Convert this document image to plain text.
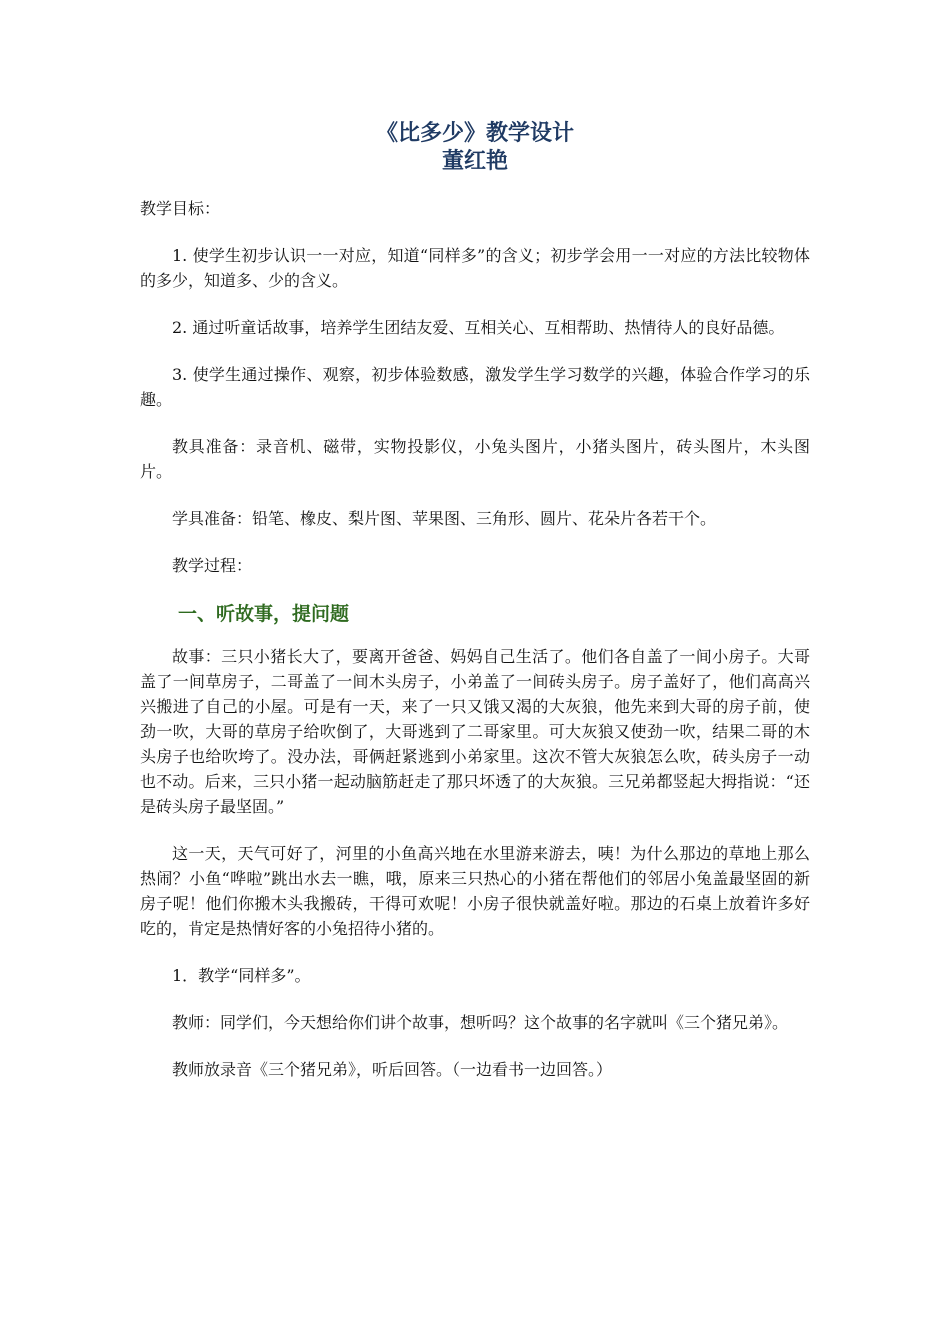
《比多少》教学设计
董红艳

教学目标：

1. 使学生初步认识一一对应，知道“同样多”的含义；初步学会用一一对应的方法比较物体的多少，知道多、少的含义。

2. 通过听童话故事，培养学生团结友爱、互相关心、互相帮助、热情待人的良好品德。

3. 使学生通过操作、观察，初步体验数感，激发学生学习数学的兴趣，体验合作学习的乐趣。

教具准备：录音机、磁带，实物投影仪，小兔头图片，小猪头图片，砖头图片，木头图片。

学具准备：铅笔、橡皮、梨片图、苹果图、三角形、圆片、花朵片各若干个。

教学过程：

一、听故事，提问题

故事：三只小猪长大了，要离开爸爸、妈妈自己生活了。他们各自盖了一间小房子。大哥盖了一间草房子，二哥盖了一间木头房子，小弟盖了一间砖头房子。房子盖好了，他们高高兴兴搬进了自己的小屋。可是有一天，来了一只又饿又渴的大灰狼，他先来到大哥的房子前，使劲一吹，大哥的草房子给吹倒了，大哥逃到了二哥家里。可大灰狼又使劲一吹，结果二哥的木头房子也给吹垮了。没办法，哥俩赶紧逃到小弟家里。这次不管大灰狼怎么吹，砖头房子一动也不动。后来，三只小猪一起动脑筋赶走了那只坏透了的大灰狼。三兄弟都竖起大拇指说：“还是砖头房子最坚固。”

这一天，天气可好了，河里的小鱼高兴地在水里游来游去，咦！为什么那边的草地上那么热闹？小鱼“哗啦”跳出水去一瞧，哦，原来三只热心的小猪在帮他们的邻居小兔盖最坚固的新房子呢！他们你搬木头我搬砖，干得可欢呢！小房子很快就盖好啦。那边的石桌上放着许多好吃的，肯定是热情好客的小兔招待小猪的。

1．教学“同样多”。

教师：同学们，今天想给你们讲个故事，想听吗？这个故事的名字就叫《三个猪兄弟》。

教师放录音《三个猪兄弟》，听后回答。（一边看书一边回答。）
